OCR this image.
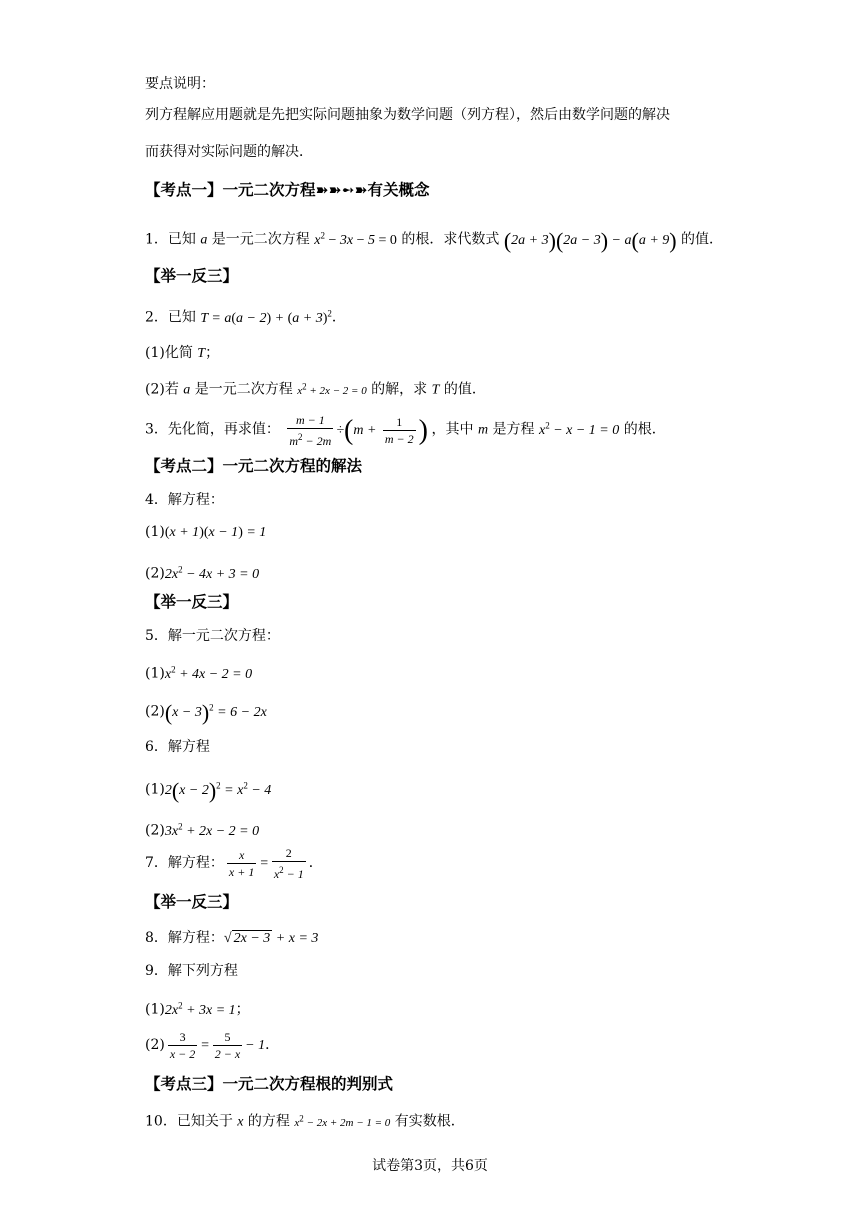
要点说明：
列方程解应用题就是先把实际问题抽象为数学问题（列方程），然后由数学问题的解决
而获得对实际问题的解决．
【考点一】一元二次方程➽➽➻➽有关概念
1．已知 a 是一元二次方程 $x^2 - 3x - 5 = 0$ 的根．求代数式 (2a + 3)(2a − 3) − a(a + 9) 的值．
【举一反三】
2．已知 $T = a(a - 2) + (a + 3)^2$．
(1)化简 T；
(2)若 a 是一元二次方程 $x^2 + 2x - 2 = 0$ 的解，求 T 的值．
3．先化简，再求值： $\frac{m - 1}{m^2 - 2m} \div(m + \frac{1}{m - 2}$ ) ，其中 m 是方程 $x^2 - x - 1 = 0$ 的根．
【考点二】一元二次方程的解法
4．解方程：
(1)(x + 1)(x − 1) = 1
$(2)2x^2 - 4x + 3 = 0$
【举一反三】
5．解一元二次方程：
$(1)x^2 + 4x - 2 = 0$
$(2)(x - 3)^2 = 6 - 2x$
6．解方程
$(1)2(x - 2)^2 = x^2 - 4$
$(2)3x^2 + 2x - 2 = 0$
7．解方程： $\frac{x}{x + 1} = \frac{2}{x^2 - 1}$ ．
【举一反三】
8．解方程：√ 2x − 3 + x = 3
9．解下列方程
$(1)2x^2 + 3x = 1$；
$(2) \frac{3}{x - 2} = \frac{5}{2 - x} - 1$．
【考点三】一元二次方程根的判别式
10．已知关于 x 的方程 $x^2 - 2x + 2m - 1 = 0$ 有实数根．
试卷第3页，共6页
